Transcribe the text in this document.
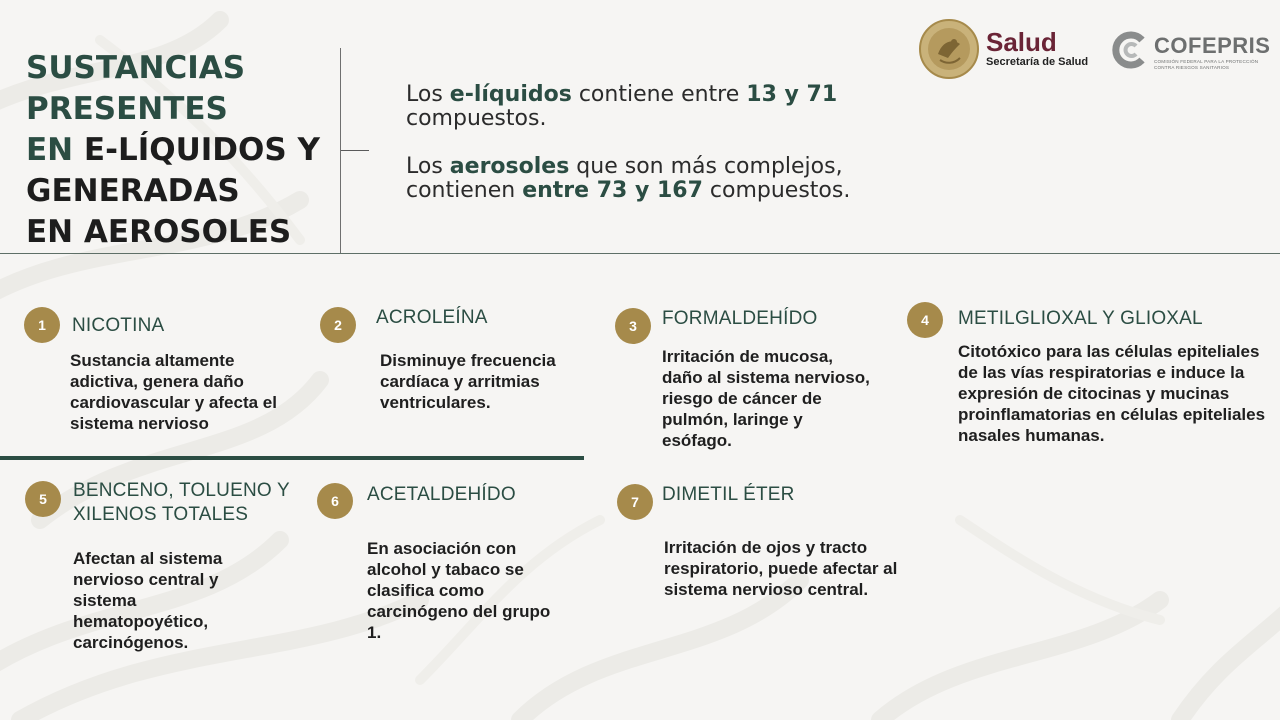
SUSTANCIAS
PRESENTES
EN E-LÍQUIDOS Y
GENERADAS
EN AEROSOLES
Los e-líquidos contiene entre 13 y 71 compuestos.
Los aerosoles que son más complejos, contienen entre 73 y 167 compuestos.
Salud
Secretaría de Salud
COFEPRIS
COMISIÓN FEDERAL PARA LA PROTECCIÓN CONTRA RIESGOS SANITARIOS
1	NICOTINA
Sustancia altamente adictiva, genera daño cardiovascular y afecta el sistema nervioso
2	ACROLEÍNA
Disminuye frecuencia cardíaca y arritmias ventriculares.
3	FORMALDEHÍDO
Irritación de mucosa, daño al sistema nervioso, riesgo de cáncer de pulmón, laringe y esófago.
4	METILGLIOXAL Y GLIOXAL
Citotóxico para las células epiteliales de las vías respiratorias e induce la expresión de citocinas y mucinas proinflamatorias en células epiteliales nasales humanas.
5	BENCENO, TOLUENO Y XILENOS TOTALES
Afectan al sistema nervioso central y sistema hematopoyético, carcinógenos.
6	ACETALDEHÍDO
En asociación con alcohol y tabaco se clasifica como carcinógeno del grupo 1.
7	DIMETIL ÉTER
Irritación de ojos y tracto respiratorio, puede afectar al sistema nervioso central.
